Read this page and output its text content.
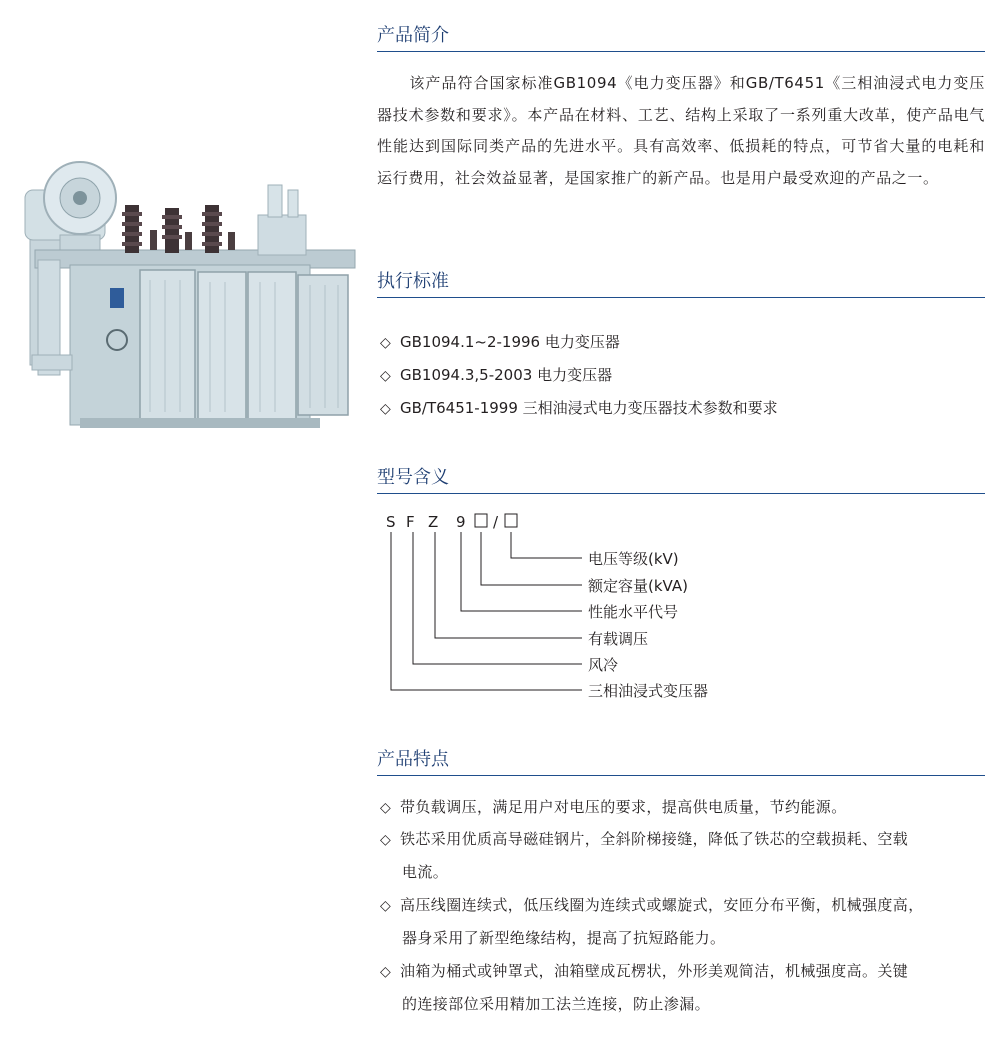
产品简介
该产品符合国家标准GB1094《电力变压器》和GB/T6451《三相油浸式电力变压器技术参数和要求》。本产品在材料、工艺、结构上采取了一系列重大改革，使产品电气性能达到国际同类产品的先进水平。具有高效率、低损耗的特点，可节省大量的电耗和运行费用，社会效益显著，是国家推广的新产品。也是用户最受欢迎的产品之一。
执行标准
◇ GB1094.1~2-1996 电力变压器
◇ GB1094.3,5-2003 电力变压器
◇ GB/T6451-1999 三相油浸式电力变压器技术参数和要求
型号含义
S F Z 9 /
电压等级(kV)
额定容量(kVA)
性能水平代号
有载调压
风冷
三相油浸式变压器
产品特点
◇ 带负载调压，满足用户对电压的要求，提高供电质量，节约能源。
◇ 铁芯采用优质高导磁硅钢片，全斜阶梯接缝，降低了铁芯的空载损耗、空载
电流。
◇ 高压线圈连续式，低压线圈为连续式或螺旋式，安匝分布平衡，机械强度高，
器身采用了新型绝缘结构，提高了抗短路能力。
◇ 油箱为桶式或钟罩式，油箱壁成瓦楞状，外形美观简洁，机械强度高。关键
的连接部位采用精加工法兰连接，防止渗漏。
